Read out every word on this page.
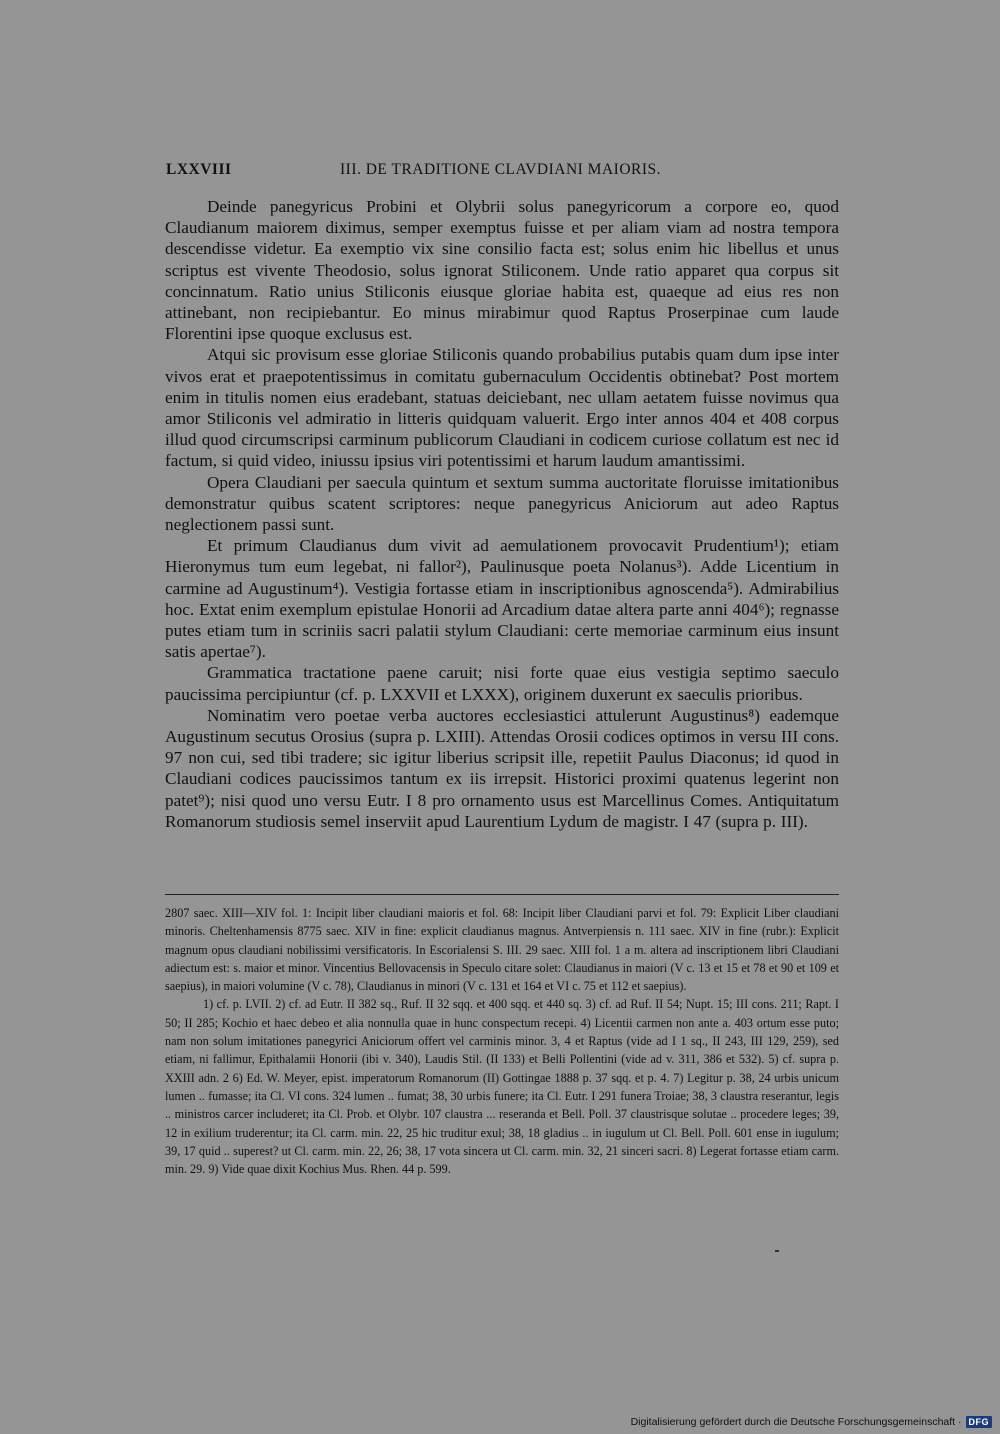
LXXVIII	III. DE TRADITIONE CLAVDIANI MAIORIS.

Deinde panegyricus Probini et Olybrii solus panegyricorum a corpore eo, quod Claudianum maiorem diximus, semper exemptus fuisse et per aliam viam ad nostra tempora descendisse videtur. Ea exemptio vix sine consilio facta est; solus enim hic libellus et unus scriptus est vivente Theodosio, solus ignorat Stiliconem. Unde ratio apparet qua corpus sit concinnatum. Ratio unius Stiliconis eiusque gloriae habita est, quaeque ad eius res non attinebant, non recipiebantur. Eo minus mirabimur quod Raptus Proserpinae cum laude Florentini ipse quoque exclusus est.

Atqui sic provisum esse gloriae Stiliconis quando probabilius putabis quam dum ipse inter vivos erat et praepotentissimus in comitatu gubernaculum Occidentis obtinebat? Post mortem enim in titulis nomen eius eradebant, statuas deiciebant, nec ullam aetatem fuisse novimus qua amor Stiliconis vel admiratio in litteris quidquam valuerit. Ergo inter annos 404 et 408 corpus illud quod circumscripsi carminum publicorum Claudiani in codicem curiose collatum est nec id factum, si quid video, iniussu ipsius viri potentissimi et harum laudum amantissimi.

Opera Claudiani per saecula quintum et sextum summa auctoritate floruisse imitationibus demonstratur quibus scatent scriptores: neque panegyricus Aniciorum aut adeo Raptus neglectionem passi sunt.

Et primum Claudianus dum vivit ad aemulationem provocavit Prudentium¹); etiam Hieronymus tum eum legebat, ni fallor²), Paulinusque poeta Nolanus³). Adde Licentium in carmine ad Augustinum⁴). Vestigia fortasse etiam in inscriptionibus agnoscenda⁵). Admirabilius hoc. Extat enim exemplum epistulae Honorii ad Arcadium datae altera parte anni 404⁶); regnasse putes etiam tum in scriniis sacri palatii stylum Claudiani: certe memoriae carminum eius insunt satis apertae⁷).

Grammatica tractatione paene caruit; nisi forte quae eius vestigia septimo saeculo paucissima percipiuntur (cf. p. LXXVII et LXXX), originem duxerunt ex saeculis prioribus.

Nominatim vero poetae verba auctores ecclesiastici attulerunt Augustinus⁸) eademque Augustinum secutus Orosius (supra p. LXIII). Attendas Orosii codices optimos in versu III cons. 97 non cui, sed tibi tradere; sic igitur liberius scripsit ille, repetiit Paulus Diaconus; id quod in Claudiani codices paucissimos tantum ex iis irrepsit. Historici proximi quatenus legerint non patet⁹); nisi quod uno versu Eutr. I 8 pro ornamento usus est Marcellinus Comes. Antiquitatum Romanorum studiosis semel inserviit apud Laurentium Lydum de magistr. I 47 (supra p. III).

2807 saec. XIII—XIV fol. 1: Incipit liber claudiani maioris et fol. 68: Incipit liber Claudiani parvi et fol. 79: Explicit Liber claudiani minoris. Cheltenhamensis 8775 saec. XIV in fine: explicit claudianus magnus. Antverpiensis n. 111 saec. XIV in fine (rubr.): Explicit magnum opus claudiani nobilissimi versificatoris. In Escorialensi S. III. 29 saec. XIII fol. 1 a m. altera ad inscriptionem libri Claudiani adiectum est: s. maior et minor. Vincentius Bellovacensis in Speculo citare solet: Claudianus in maiori (V c. 13 et 15 et 78 et 90 et 109 et saepius), in maiori volumine (V c. 78), Claudianus in minori (V c. 131 et 164 et VI c. 75 et 112 et saepius).

1) cf. p. LVII. 2) cf. ad Eutr. II 382 sq., Ruf. II 32 sqq. et 400 sqq. et 440 sq. 3) cf. ad Ruf. II 54; Nupt. 15; III cons. 211; Rapt. I 50; II 285; Kochio et haec debeo et alia nonnulla quae in hunc conspectum recepi. 4) Licentii carmen non ante a. 403 ortum esse puto; nam non solum imitationes panegyrici Aniciorum offert vel carminis minor. 3, 4 et Raptus (vide ad I 1 sq., II 243, III 129, 259), sed etiam, ni fallimur, Epithalamii Honorii (ibi v. 340), Laudis Stil. (II 133) et Belli Pollentini (vide ad v. 311, 386 et 532). 5) cf. supra p. XXIII adn. 2 6) Ed. W. Meyer, epist. imperatorum Romanorum (II) Gottingae 1888 p. 37 sqq. et p. 4. 7) Legitur p. 38, 24 urbis unicum lumen .. fumasse; ita Cl. VI cons. 324 lumen .. fumat; 38, 30 urbis funere; ita Cl. Eutr. I 291 funera Troiae; 38, 3 claustra reserantur, legis .. ministros carcer includeret; ita Cl. Prob. et Olybr. 107 claustra ... reseranda et Bell. Poll. 37 claustrisque solutae .. procedere leges; 39, 12 in exilium truderentur; ita Cl. carm. min. 22, 25 hic truditur exul; 38, 18 gladius .. in iugulum ut Cl. Bell. Poll. 601 ense in iugulum; 39, 17 quid .. superest? ut Cl. carm. min. 22, 26; 38, 17 vota sincera ut Cl. carm. min. 32, 21 sinceri sacri. 8) Legerat fortasse etiam carm. min. 29. 9) Vide quae dixit Kochius Mus. Rhen. 44 p. 599.

Digitalisierung gefördert durch die Deutsche Forschungsgemeinschaft · DFG
